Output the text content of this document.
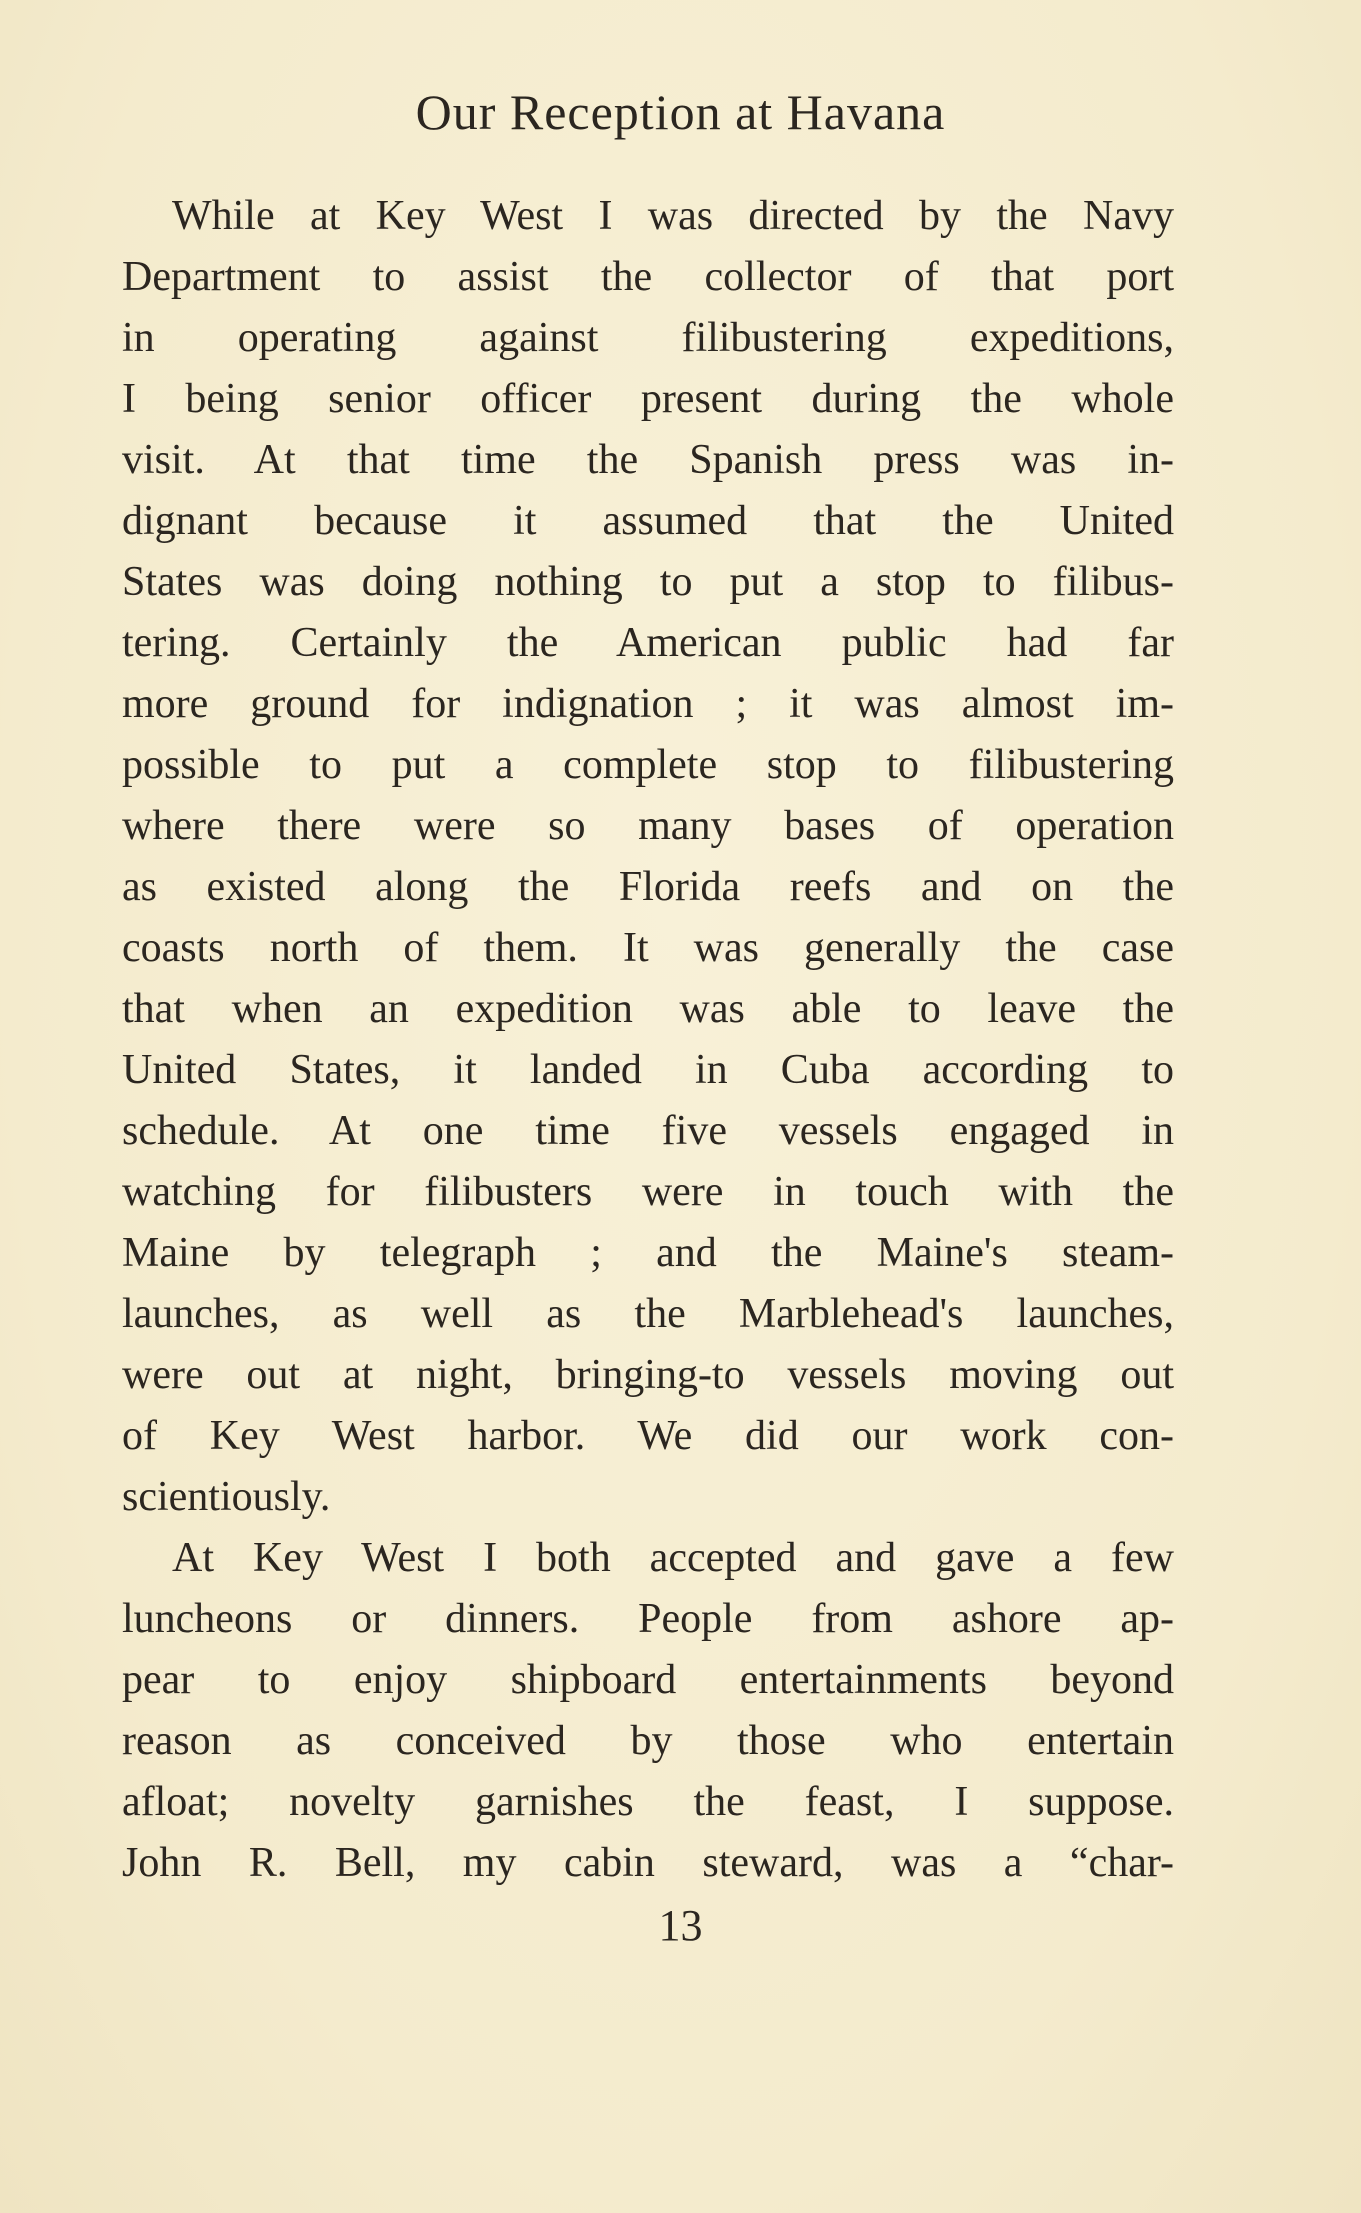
Our Reception at Havana
While at Key West I was directed by the Navy
Department to assist the collector of that port
in operating against filibustering expeditions,
I being senior officer present during the whole
visit. At that time the Spanish press was in-
dignant because it assumed that the United
States was doing nothing to put a stop to filibus-
tering. Certainly the American public had far
more ground for indignation ; it was almost im-
possible to put a complete stop to filibustering
where there were so many bases of operation
as existed along the Florida reefs and on the
coasts north of them. It was generally the case
that when an expedition was able to leave the
United States, it landed in Cuba according to
schedule. At one time five vessels engaged in
watching for filibusters were in touch with the
Maine by telegraph ; and the Maine's steam-
launches, as well as the Marblehead's launches,
were out at night, bringing-to vessels moving out
of Key West harbor. We did our work con-
scientiously.
At Key West I both accepted and gave a few
luncheons or dinners. People from ashore ap-
pear to enjoy shipboard entertainments beyond
reason as conceived by those who entertain
afloat; novelty garnishes the feast, I suppose.
John R. Bell, my cabin steward, was a “char-
13
